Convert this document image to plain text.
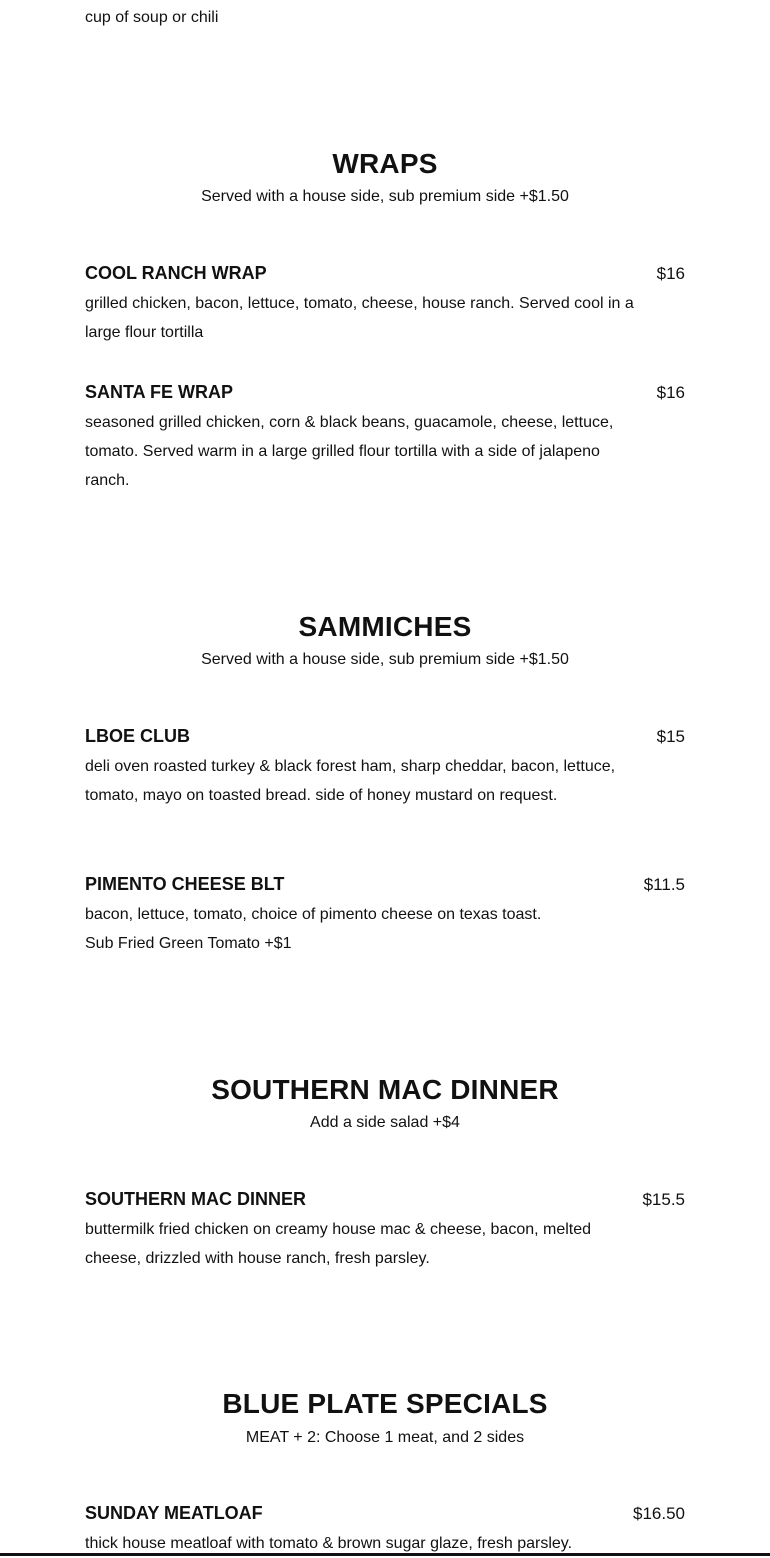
cup of soup or chili
WRAPS
Served with a house side, sub premium side +$1.50
COOL RANCH WRAP	$16
grilled chicken, bacon, lettuce, tomato, cheese, house ranch. Served cool in a large flour tortilla
SANTA FE WRAP	$16
seasoned grilled chicken, corn & black beans, guacamole, cheese, lettuce, tomato. Served warm in a large grilled flour tortilla with a side of jalapeno ranch.
SAMMICHES
Served with a house side, sub premium side +$1.50
LBOE CLUB	$15
deli oven roasted turkey & black forest ham, sharp cheddar, bacon, lettuce, tomato, mayo on toasted bread. side of honey mustard on request.
PIMENTO CHEESE BLT	$11.5
bacon, lettuce, tomato, choice of pimento cheese on texas toast.
Sub Fried Green Tomato +$1
SOUTHERN MAC DINNER
Add a side salad +$4
SOUTHERN MAC DINNER	$15.5
buttermilk fried chicken on creamy house mac & cheese, bacon, melted cheese, drizzled with house ranch, fresh parsley.
BLUE PLATE SPECIALS
MEAT + 2: Choose 1 meat, and 2 sides
SUNDAY MEATLOAF	$16.50
thick house meatloaf with tomato & brown sugar glaze, fresh parsley.
